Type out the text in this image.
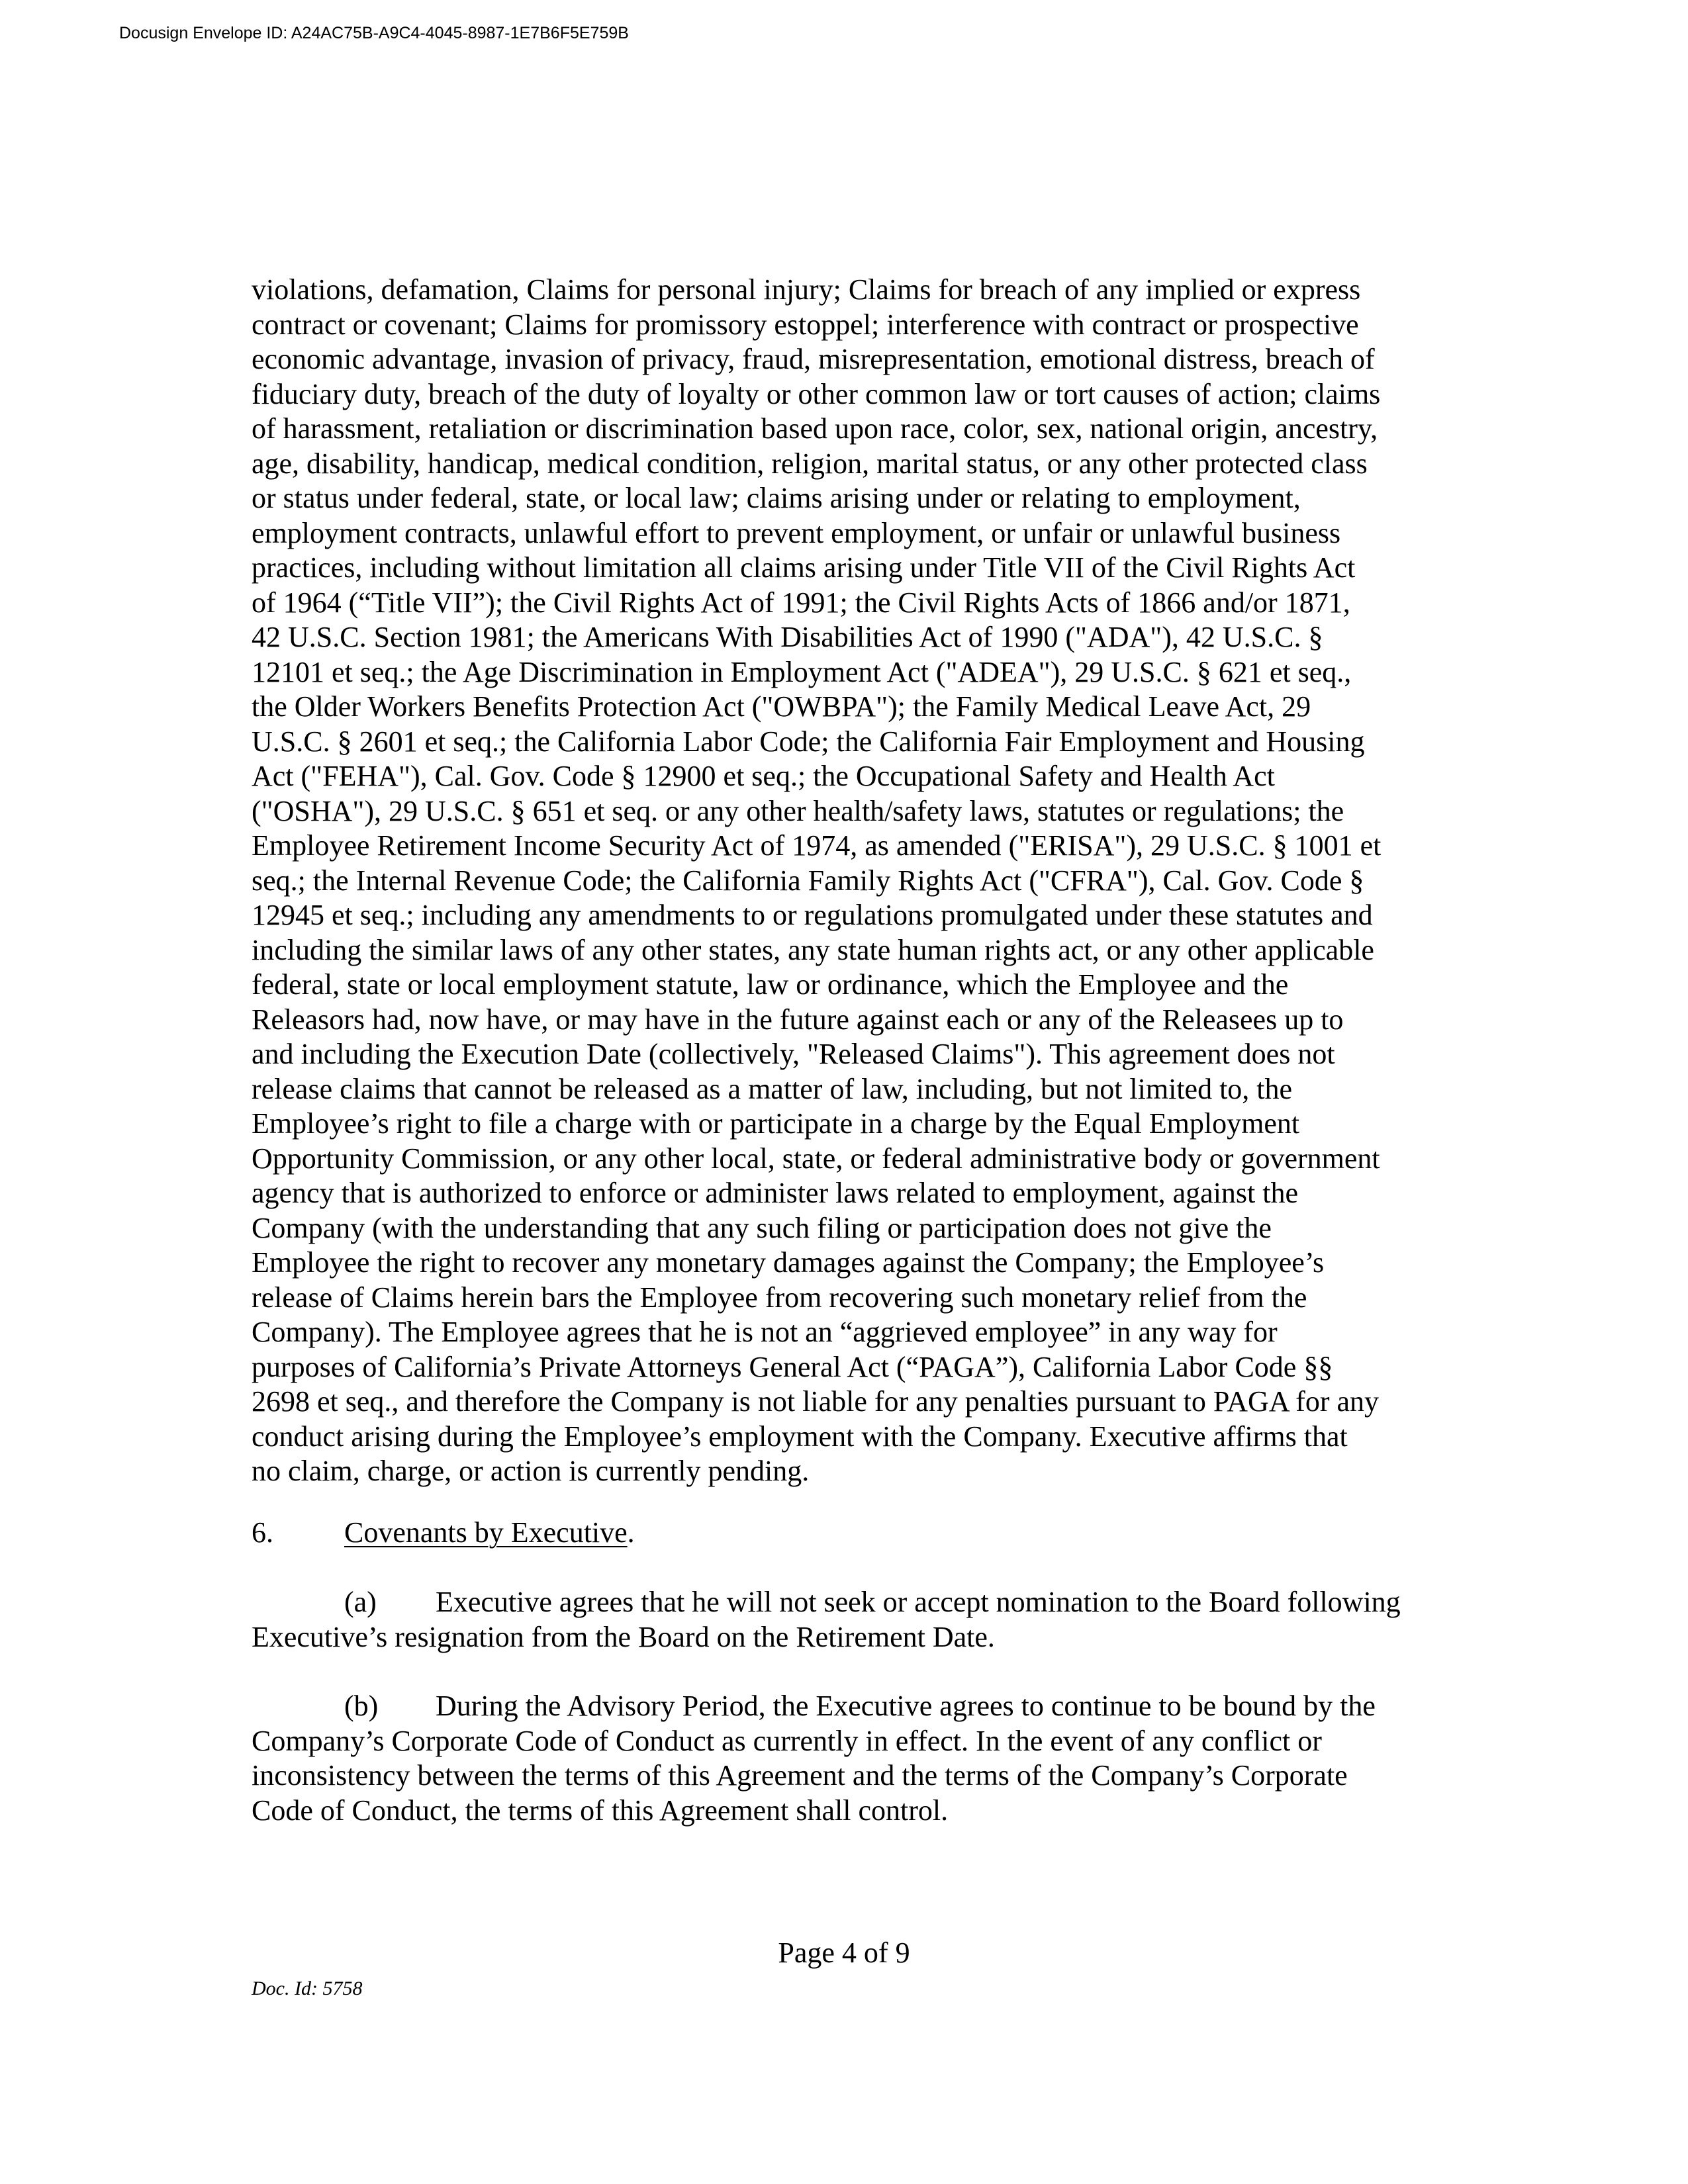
Docusign Envelope ID: A24AC75B-A9C4-4045-8987-1E7B6F5E759B
violations, defamation, Claims for personal injury; Claims for breach of any implied or express
contract or covenant; Claims for promissory estoppel; interference with contract or prospective
economic advantage, invasion of privacy, fraud, misrepresentation, emotional distress, breach of
fiduciary duty, breach of the duty of loyalty or other common law or tort causes of action; claims
of harassment, retaliation or discrimination based upon race, color, sex, national origin, ancestry,
age, disability, handicap, medical condition, religion, marital status, or any other protected class
or status under federal, state, or local law; claims arising under or relating to employment,
employment contracts, unlawful effort to prevent employment, or unfair or unlawful business
practices, including without limitation all claims arising under Title VII of the Civil Rights Act
of 1964 (“Title VII”); the Civil Rights Act of 1991; the Civil Rights Acts of 1866 and/or 1871,
42 U.S.C. Section 1981; the Americans With Disabilities Act of 1990 ("ADA"), 42 U.S.C. §
12101 et seq.; the Age Discrimination in Employment Act ("ADEA"), 29 U.S.C. § 621 et seq.,
the Older Workers Benefits Protection Act ("OWBPA"); the Family Medical Leave Act, 29
U.S.C. § 2601 et seq.; the California Labor Code; the California Fair Employment and Housing
Act ("FEHA"), Cal. Gov. Code § 12900 et seq.; the Occupational Safety and Health Act
("OSHA"), 29 U.S.C. § 651 et seq. or any other health/safety laws, statutes or regulations; the
Employee Retirement Income Security Act of 1974, as amended ("ERISA"), 29 U.S.C. § 1001 et
seq.; the Internal Revenue Code; the California Family Rights Act ("CFRA"), Cal. Gov. Code §
12945 et seq.; including any amendments to or regulations promulgated under these statutes and
including the similar laws of any other states, any state human rights act, or any other applicable
federal, state or local employment statute, law or ordinance, which the Employee and the
Releasors had, now have, or may have in the future against each or any of the Releasees up to
and including the Execution Date (collectively, "Released Claims"). This agreement does not
release claims that cannot be released as a matter of law, including, but not limited to, the
Employee’s right to file a charge with or participate in a charge by the Equal Employment
Opportunity Commission, or any other local, state, or federal administrative body or government
agency that is authorized to enforce or administer laws related to employment, against the
Company (with the understanding that any such filing or participation does not give the
Employee the right to recover any monetary damages against the Company; the Employee’s
release of Claims herein bars the Employee from recovering such monetary relief from the
Company). The Employee agrees that he is not an “aggrieved employee” in any way for
purposes of California’s Private Attorneys General Act (“PAGA”), California Labor Code §§
2698 et seq., and therefore the Company is not liable for any penalties pursuant to PAGA for any
conduct arising during the Employee’s employment with the Company. Executive affirms that
no claim, charge, or action is currently pending.
6. Covenants by Executive.
(a) Executive agrees that he will not seek or accept nomination to the Board following
Executive’s resignation from the Board on the Retirement Date.
(b) During the Advisory Period, the Executive agrees to continue to be bound by the
Company’s Corporate Code of Conduct as currently in effect. In the event of any conflict or
inconsistency between the terms of this Agreement and the terms of the Company’s Corporate
Code of Conduct, the terms of this Agreement shall control.
Page 4 of 9
Doc. Id: 5758
